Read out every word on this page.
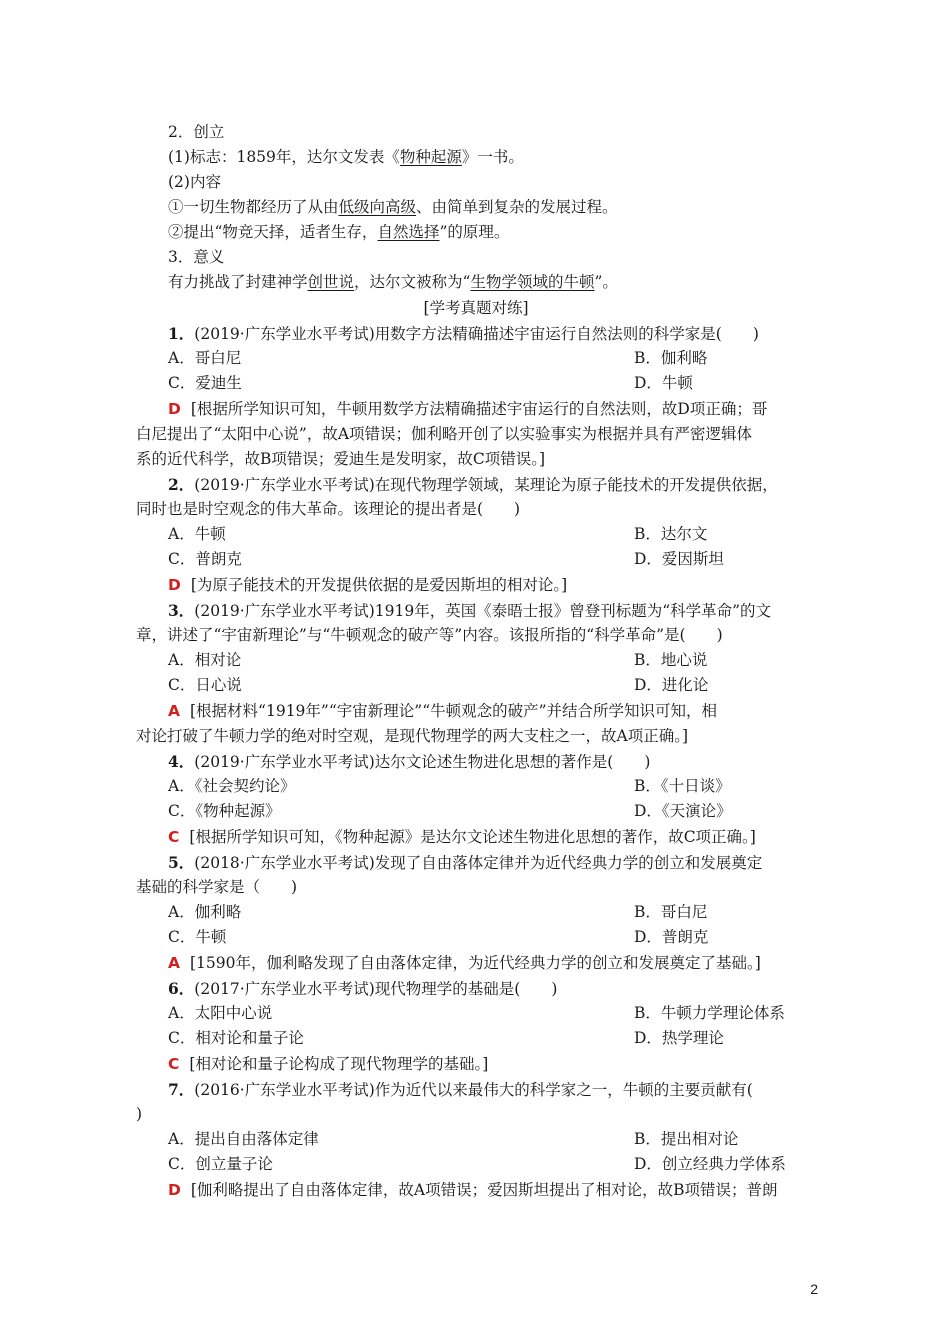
2．创立
(1)标志：1859年，达尔文发表《物种起源》一书。
(2)内容
①一切生物都经历了从由低级向高级、由简单到复杂的发展过程。
②提出“物竞天择，适者生存，自然选择”的原理。
3．意义
有力挑战了封建神学创世说，达尔文被称为“生物学领域的牛顿”。
[学考真题对练]
1．(2019·广东学业水平考试)用数字方法精确描述宇宙运行自然法则的科学家是(　　)
A．哥白尼	B．伽利略
C．爱迪生	D．牛顿
D [根据所学知识可知，牛顿用数学方法精确描述宇宙运行的自然法则，故D项正确；哥
白尼提出了“太阳中心说”，故A项错误；伽利略开创了以实验事实为根据并具有严密逻辑体
系的近代科学，故B项错误；爱迪生是发明家，故C项错误。]
2．(2019·广东学业水平考试)在现代物理学领域，某理论为原子能技术的开发提供依据，
同时也是时空观念的伟大革命。该理论的提出者是(　　)
A．牛顿	B．达尔文
C．普朗克	D．爱因斯坦
D [为原子能技术的开发提供依据的是爱因斯坦的相对论。]
3．(2019·广东学业水平考试)1919年，英国《泰晤士报》曾登刊标题为“科学革命”的文
章，讲述了“宇宙新理论”与“牛顿观念的破产等”内容。该报所指的“科学革命”是(　　)
A．相对论	B．地心说
C．日心说	D．进化论
A [根据材料“1919年”“宇宙新理论”“牛顿观念的破产”并结合所学知识可知，相
对论打破了牛顿力学的绝对时空观，是现代物理学的两大支柱之一，故A项正确。]
4．(2019·广东学业水平考试)达尔文论述生物进化思想的著作是(　　)
A．《社会契约论》	B．《十日谈》
C．《物种起源》	D．《天演论》
C [根据所学知识可知，《物种起源》是达尔文论述生物进化思想的著作，故C项正确。]
5．(2018·广东学业水平考试)发现了自由落体定律并为近代经典力学的创立和发展奠定
基础的科学家是（　　)
A．伽利略	B．哥白尼
C．牛顿	D．普朗克
A [1590年，伽利略发现了自由落体定律，为近代经典力学的创立和发展奠定了基础。]
6．(2017·广东学业水平考试)现代物理学的基础是(　　)
A．太阳中心说	B．牛顿力学理论体系
C．相对论和量子论	D．热学理论
C [相对论和量子论构成了现代物理学的基础。]
7．(2016·广东学业水平考试)作为近代以来最伟大的科学家之一，牛顿的主要贡献有(
)
A．提出自由落体定律	B．提出相对论
C．创立量子论	D．创立经典力学体系
D [伽利略提出了自由落体定律，故A项错误；爱因斯坦提出了相对论，故B项错误；普朗
2
